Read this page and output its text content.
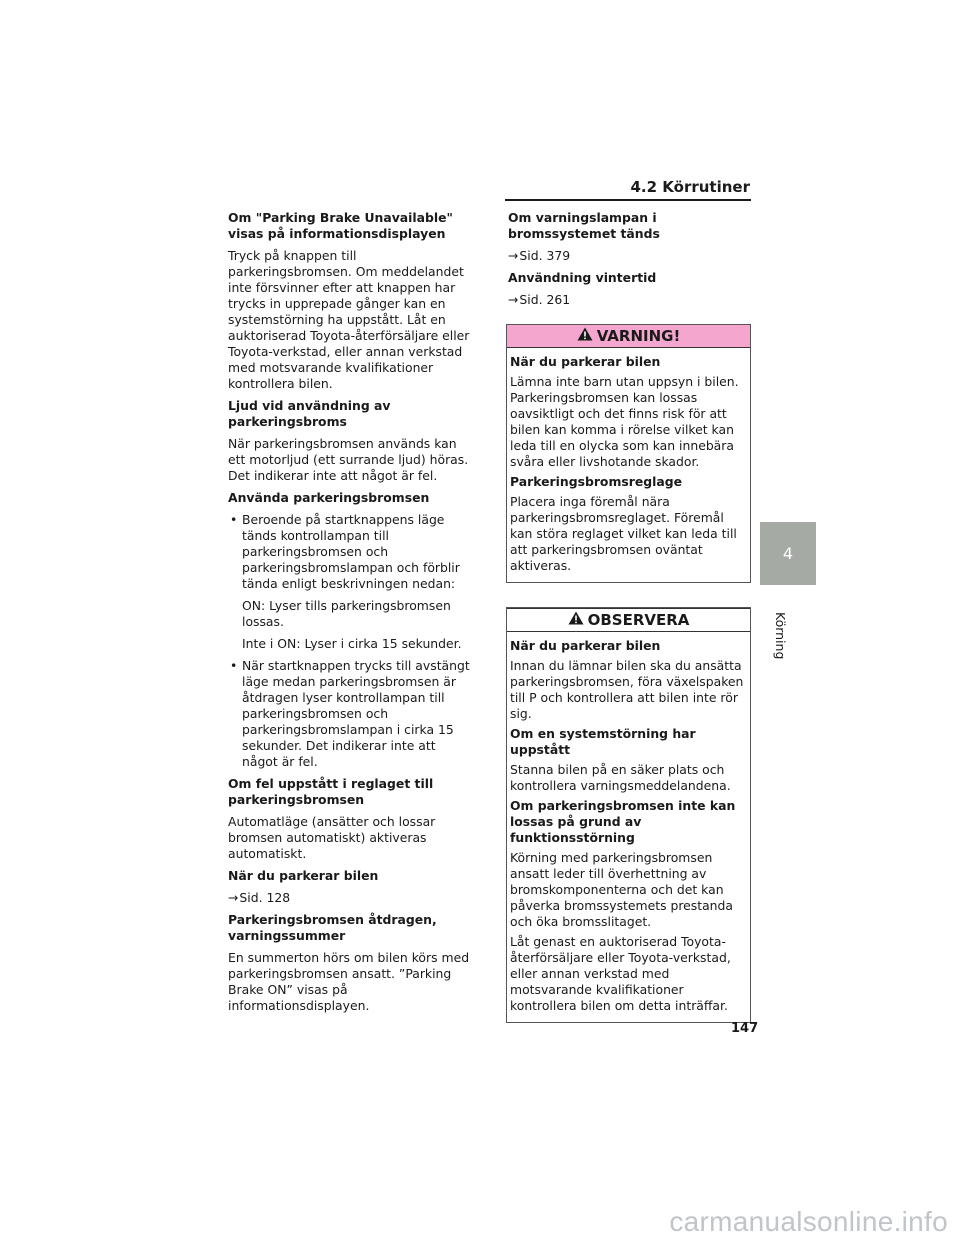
4.2 Körrutiner
Om "Parking Brake Unavailable" visas på informationsdisplayen

Tryck på knappen till parkeringsbromsen. Om meddelandet inte försvinner efter att knappen har trycks in upprepade gånger kan en systemstörning ha uppstått. Låt en auktoriserad Toyota-återförsäljare eller Toyota-verkstad, eller annan verkstad med motsvarande kvalifikationer kontrollera bilen.

Ljud vid användning av parkeringsbroms

När parkeringsbromsen används kan ett motorljud (ett surrande ljud) höras. Det indikerar inte att något är fel.

Använda parkeringsbromsen
• Beroende på startknappens läge tänds kontrollampan till parkeringsbromsen och parkeringsbromslampan och förblir tända enligt beskrivningen nedan:
ON: Lyser tills parkeringsbromsen lossas.
Inte i ON: Lyser i cirka 15 sekunder.
• När startknappen trycks till avstängt läge medan parkeringsbromsen är åtdragen lyser kontrollampan till parkeringsbromsen och parkeringsbromslampan i cirka 15 sekunder. Det indikerar inte att något är fel.
Om fel uppstått i reglaget till parkeringsbromsen

Automatläge (ansätter och lossar bromsen automatiskt) aktiveras automatiskt.

När du parkerar bilen

→Sid. 128

Parkeringsbromsen åtdragen, varningssummer

En summerton hörs om bilen körs med parkeringsbromsen ansatt. ”Parking Brake ON” visas på informationsdisplayen.

Om varningslampan i bromssystemet tänds

→Sid. 379

Användning vintertid

→Sid. 261

VARNING!
När du parkerar bilen

Lämna inte barn utan uppsyn i bilen. Parkeringsbromsen kan lossas oavsiktligt och det finns risk för att bilen kan komma i rörelse vilket kan leda till en olycka som kan innebära svåra eller livshotande skador.

Parkeringsbromsreglage

Placera inga föremål nära parkeringsbromsreglaget. Föremål kan störa reglaget vilket kan leda till att parkeringsbromsen oväntat aktiveras.

OBSERVERA
När du parkerar bilen

Innan du lämnar bilen ska du ansätta parkeringsbromsen, föra växelspaken till P och kontrollera att bilen inte rör sig.

Om en systemstörning har uppstått

Stanna bilen på en säker plats och kontrollera varningsmeddelandena.

Om parkeringsbromsen inte kan lossas på grund av funktionsstörning

Körning med parkeringsbromsen ansatt leder till överhettning av bromskomponenterna och det kan påverka bromssystemets prestanda och öka bromsslitaget.

Låt genast en auktoriserad Toyota-återförsäljare eller Toyota-verkstad, eller annan verkstad med motsvarande kvalifikationer kontrollera bilen om detta inträffar.

4
Körning
147
carmanualsonline.info
